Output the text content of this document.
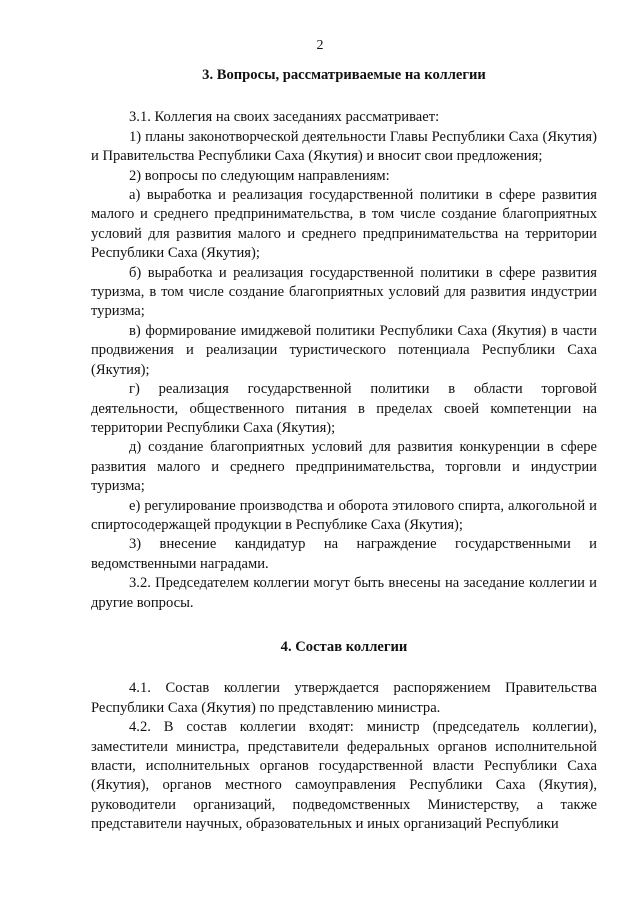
2

3. Вопросы, рассматриваемые на коллегии

3.1. Коллегия на своих заседаниях рассматривает:

1) планы законотворческой деятельности Главы Республики Саха (Якутия) и Правительства Республики Саха (Якутия) и вносит свои предложения;

2) вопросы по следующим направлениям:

а) выработка и реализация государственной политики в сфере развития малого и среднего предпринимательства, в том числе создание благоприятных условий для развития малого и среднего предпринимательства на территории Республики Саха (Якутия);

б) выработка и реализация государственной политики в сфере развития туризма, в том числе создание благоприятных условий для развития индустрии туризма;

в) формирование имиджевой политики Республики Саха (Якутия) в части продвижения и реализации туристического потенциала Республики Саха (Якутия);

г) реализация государственной политики в области торговой деятельности, общественного питания в пределах своей компетенции на территории Республики Саха (Якутия);

д) создание благоприятных условий для развития конкуренции в сфере развития малого и среднего предпринимательства, торговли и индустрии туризма;

е) регулирование производства и оборота этилового спирта, алкогольной и спиртосодержащей продукции в Республике Саха (Якутия);

3) внесение кандидатур на награждение государственными и ведомственными наградами.

3.2. Председателем коллегии могут быть внесены на заседание коллегии и другие вопросы.

4. Состав коллегии

4.1. Состав коллегии утверждается распоряжением Правительства Республики Саха (Якутия) по представлению министра.

4.2. В состав коллегии входят: министр (председатель коллегии), заместители министра, представители федеральных органов исполнительной власти, исполнительных органов государственной власти Республики Саха (Якутия), органов местного самоуправления Республики Саха (Якутия), руководители организаций, подведомственных Министерству, а также представители научных, образовательных и иных организаций Республики
